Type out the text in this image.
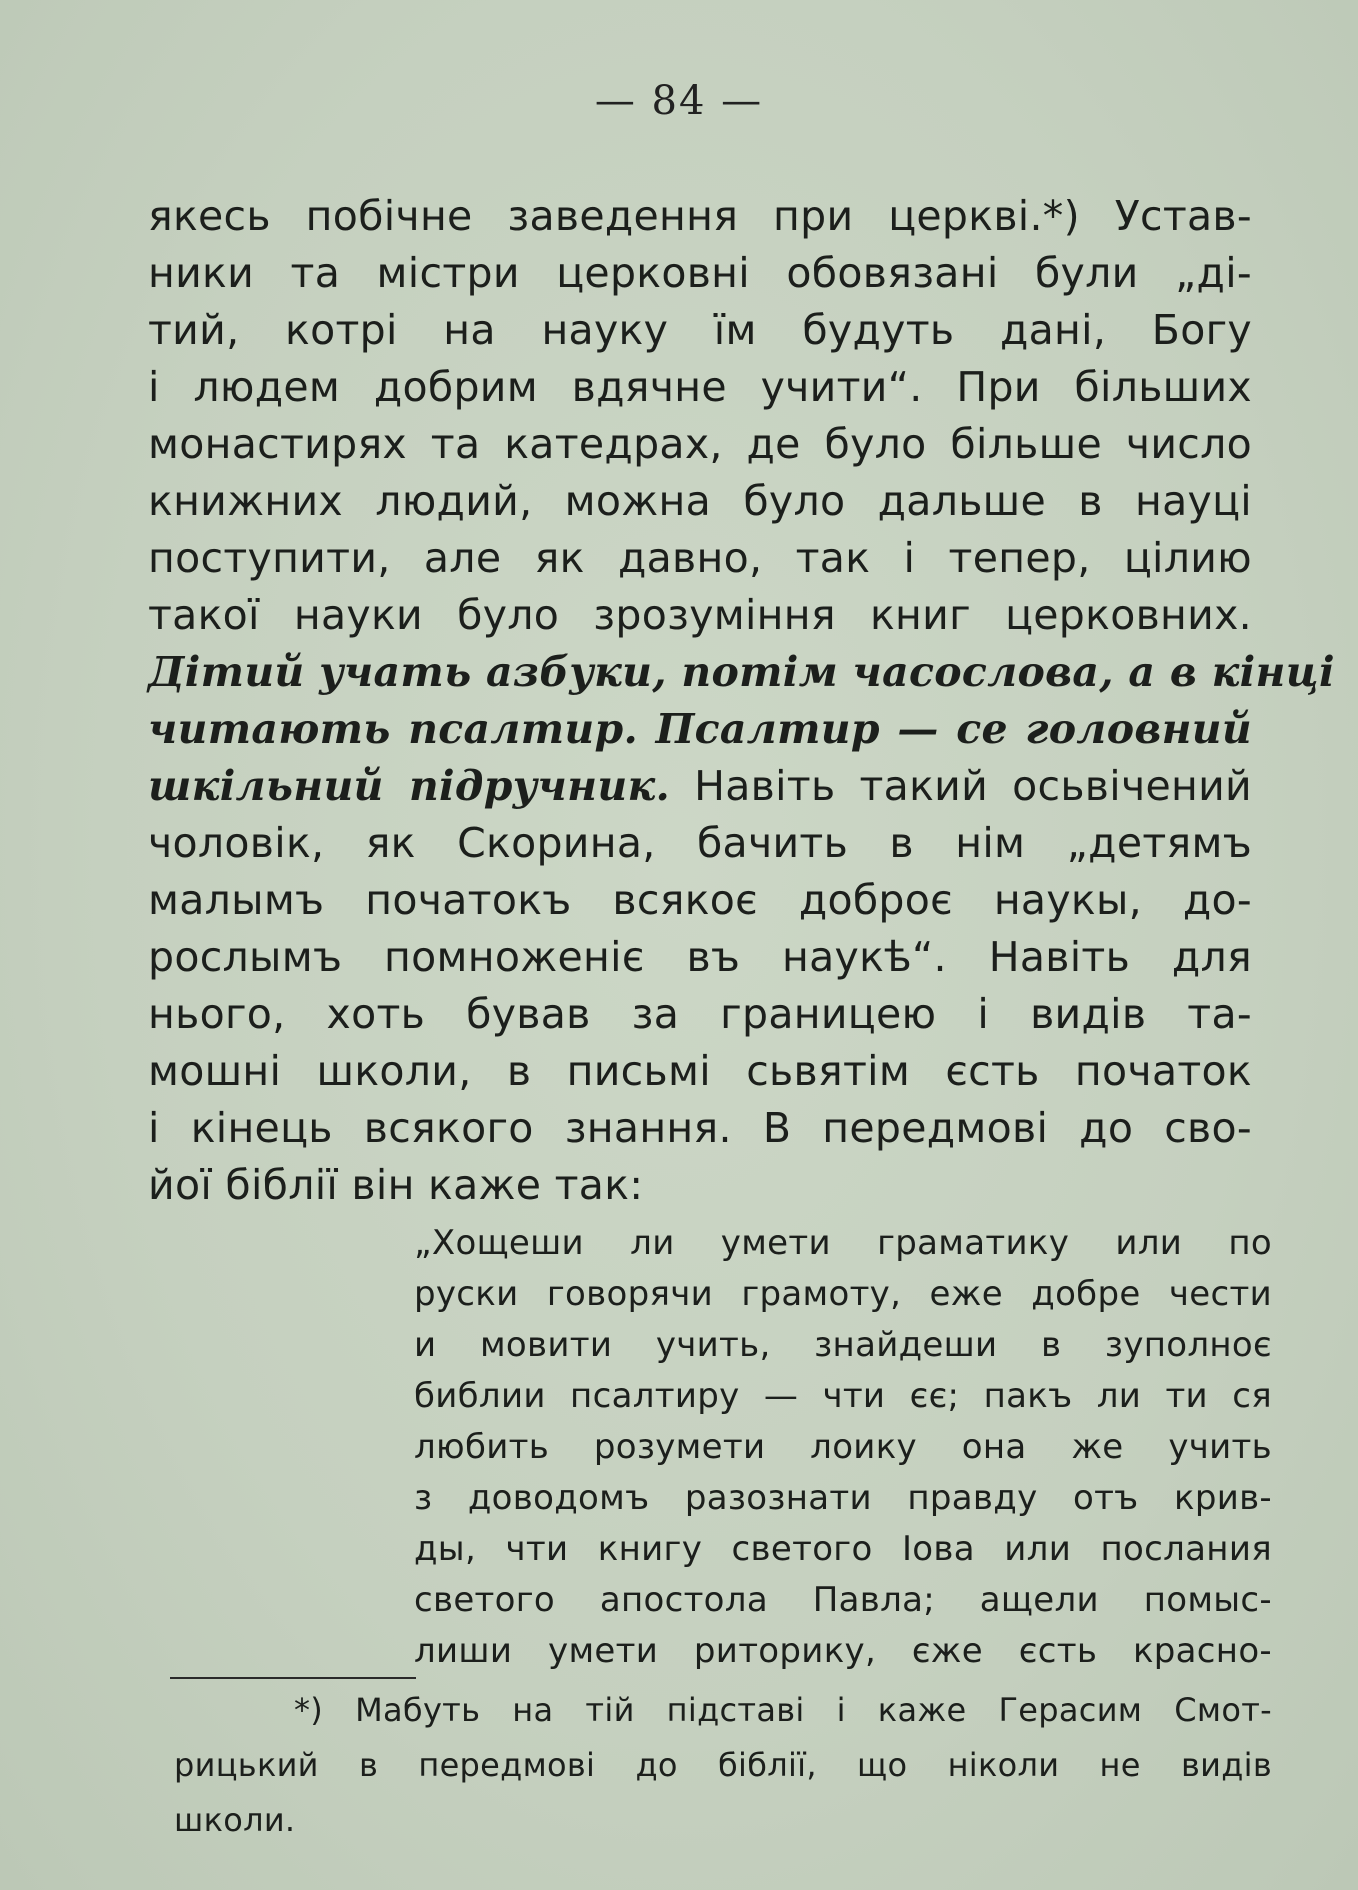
— 84 —
якесь побічне заведення при церкві.*) Устав-
ники та містри церковні обовязані були „ді-
тий, котрі на науку їм будуть дані, Богу
і людем добрим вдячне учити“. При більших
монастирях та катедрах, де було більше число
книжних людий, можна було дальше в науці
поступити, але як давно, так і тепер, цілию
такої науки було зрозуміння книг церковних.
Дітий учать азбуки, потім часослова, а в кінці
читають псалтир. Псалтир — се головний
шкільний підручник. Навіть такий осьвічений
чоловік, як Скорина, бачить в нім „детямъ
малымъ початокъ всякоє доброє наукы, до-
рослымъ помноженіє въ наукѣ“. Навіть для
нього, хоть бував за границею і видів та-
мошні школи, в письмі сьвятім єсть початок
і кінець всякого знання. В передмові до сво-
йої біблії він каже так:
„Хощеши ли умети граматику или по
руски говорячи грамоту, еже добре чести
и мовити учить, знайдеши в зуполноє
библии псалтиру — чти єє; пакъ ли ти ся
любить розумети лоику она же учить
з доводомъ разознати правду отъ крив-
ды, чти книгу светого Іова или послания
светого апостола Павла; ащели помыс-
лиши умети риторику, єже єсть красно-
*) Мабуть на тій підставі і каже Герасим Смот-
рицький в передмові до біблії, що ніколи не видів
школи.
